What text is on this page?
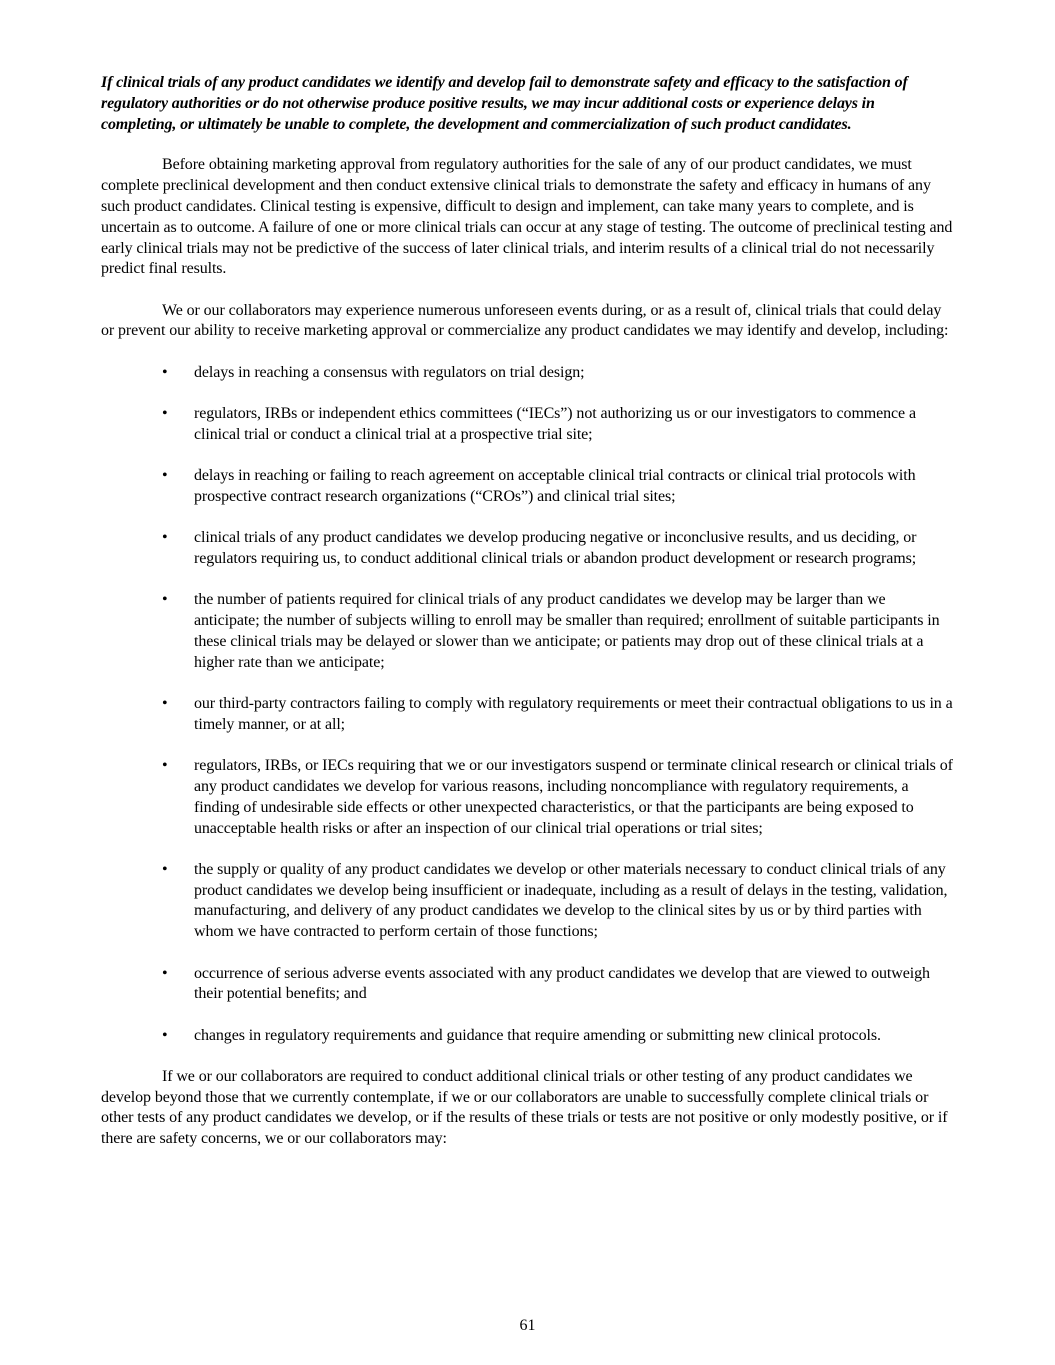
If clinical trials of any product candidates we identify and develop fail to demonstrate safety and efficacy to the satisfaction of regulatory authorities or do not otherwise produce positive results, we may incur additional costs or experience delays in completing, or ultimately be unable to complete, the development and commercialization of such product candidates.

Before obtaining marketing approval from regulatory authorities for the sale of any of our product candidates, we must complete preclinical development and then conduct extensive clinical trials to demonstrate the safety and efficacy in humans of any such product candidates. Clinical testing is expensive, difficult to design and implement, can take many years to complete, and is uncertain as to outcome. A failure of one or more clinical trials can occur at any stage of testing. The outcome of preclinical testing and early clinical trials may not be predictive of the success of later clinical trials, and interim results of a clinical trial do not necessarily predict final results.

We or our collaborators may experience numerous unforeseen events during, or as a result of, clinical trials that could delay or prevent our ability to receive marketing approval or commercialize any product candidates we may identify and develop, including:

• delays in reaching a consensus with regulators on trial design;
• regulators, IRBs or independent ethics committees (“IECs”) not authorizing us or our investigators to commence a clinical trial or conduct a clinical trial at a prospective trial site;
• delays in reaching or failing to reach agreement on acceptable clinical trial contracts or clinical trial protocols with prospective contract research organizations (“CROs”) and clinical trial sites;
• clinical trials of any product candidates we develop producing negative or inconclusive results, and us deciding, or regulators requiring us, to conduct additional clinical trials or abandon product development or research programs;
• the number of patients required for clinical trials of any product candidates we develop may be larger than we anticipate; the number of subjects willing to enroll may be smaller than required; enrollment of suitable participants in these clinical trials may be delayed or slower than we anticipate; or patients may drop out of these clinical trials at a higher rate than we anticipate;
• our third-party contractors failing to comply with regulatory requirements or meet their contractual obligations to us in a timely manner, or at all;
• regulators, IRBs, or IECs requiring that we or our investigators suspend or terminate clinical research or clinical trials of any product candidates we develop for various reasons, including noncompliance with regulatory requirements, a finding of undesirable side effects or other unexpected characteristics, or that the participants are being exposed to unacceptable health risks or after an inspection of our clinical trial operations or trial sites;
• the supply or quality of any product candidates we develop or other materials necessary to conduct clinical trials of any product candidates we develop being insufficient or inadequate, including as a result of delays in the testing, validation, manufacturing, and delivery of any product candidates we develop to the clinical sites by us or by third parties with whom we have contracted to perform certain of those functions;
• occurrence of serious adverse events associated with any product candidates we develop that are viewed to outweigh their potential benefits; and
• changes in regulatory requirements and guidance that require amending or submitting new clinical protocols.

If we or our collaborators are required to conduct additional clinical trials or other testing of any product candidates we develop beyond those that we currently contemplate, if we or our collaborators are unable to successfully complete clinical trials or other tests of any product candidates we develop, or if the results of these trials or tests are not positive or only modestly positive, or if there are safety concerns, we or our collaborators may:

61
